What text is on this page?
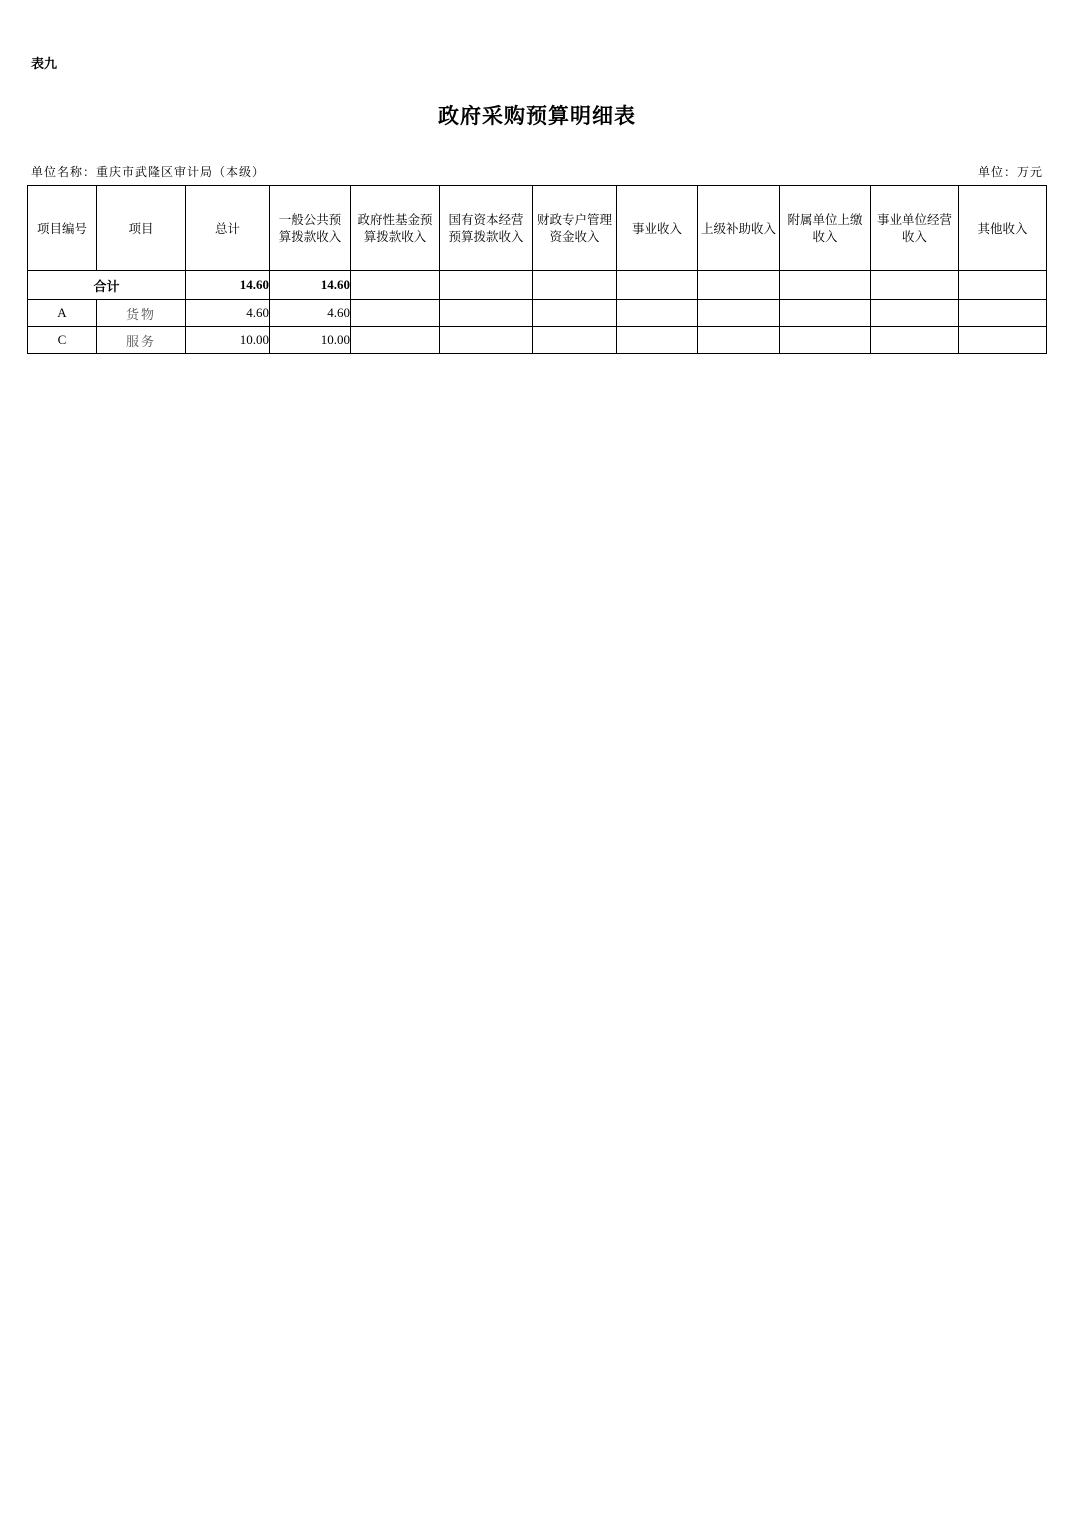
表九
政府采购预算明细表
单位名称：重庆市武隆区审计局（本级）	单位：万元
项目编号	项目	总计	一般公共预算拨款收入	政府性基金预算拨款收入	国有资本经营预算拨款收入	财政专户管理资金收入	事业收入	上级补助收入	附属单位上缴收入	事业单位经营收入	其他收入
合计		14.60	14.60								
A	货物	4.60	4.60								
C	服务	10.00	10.00								
